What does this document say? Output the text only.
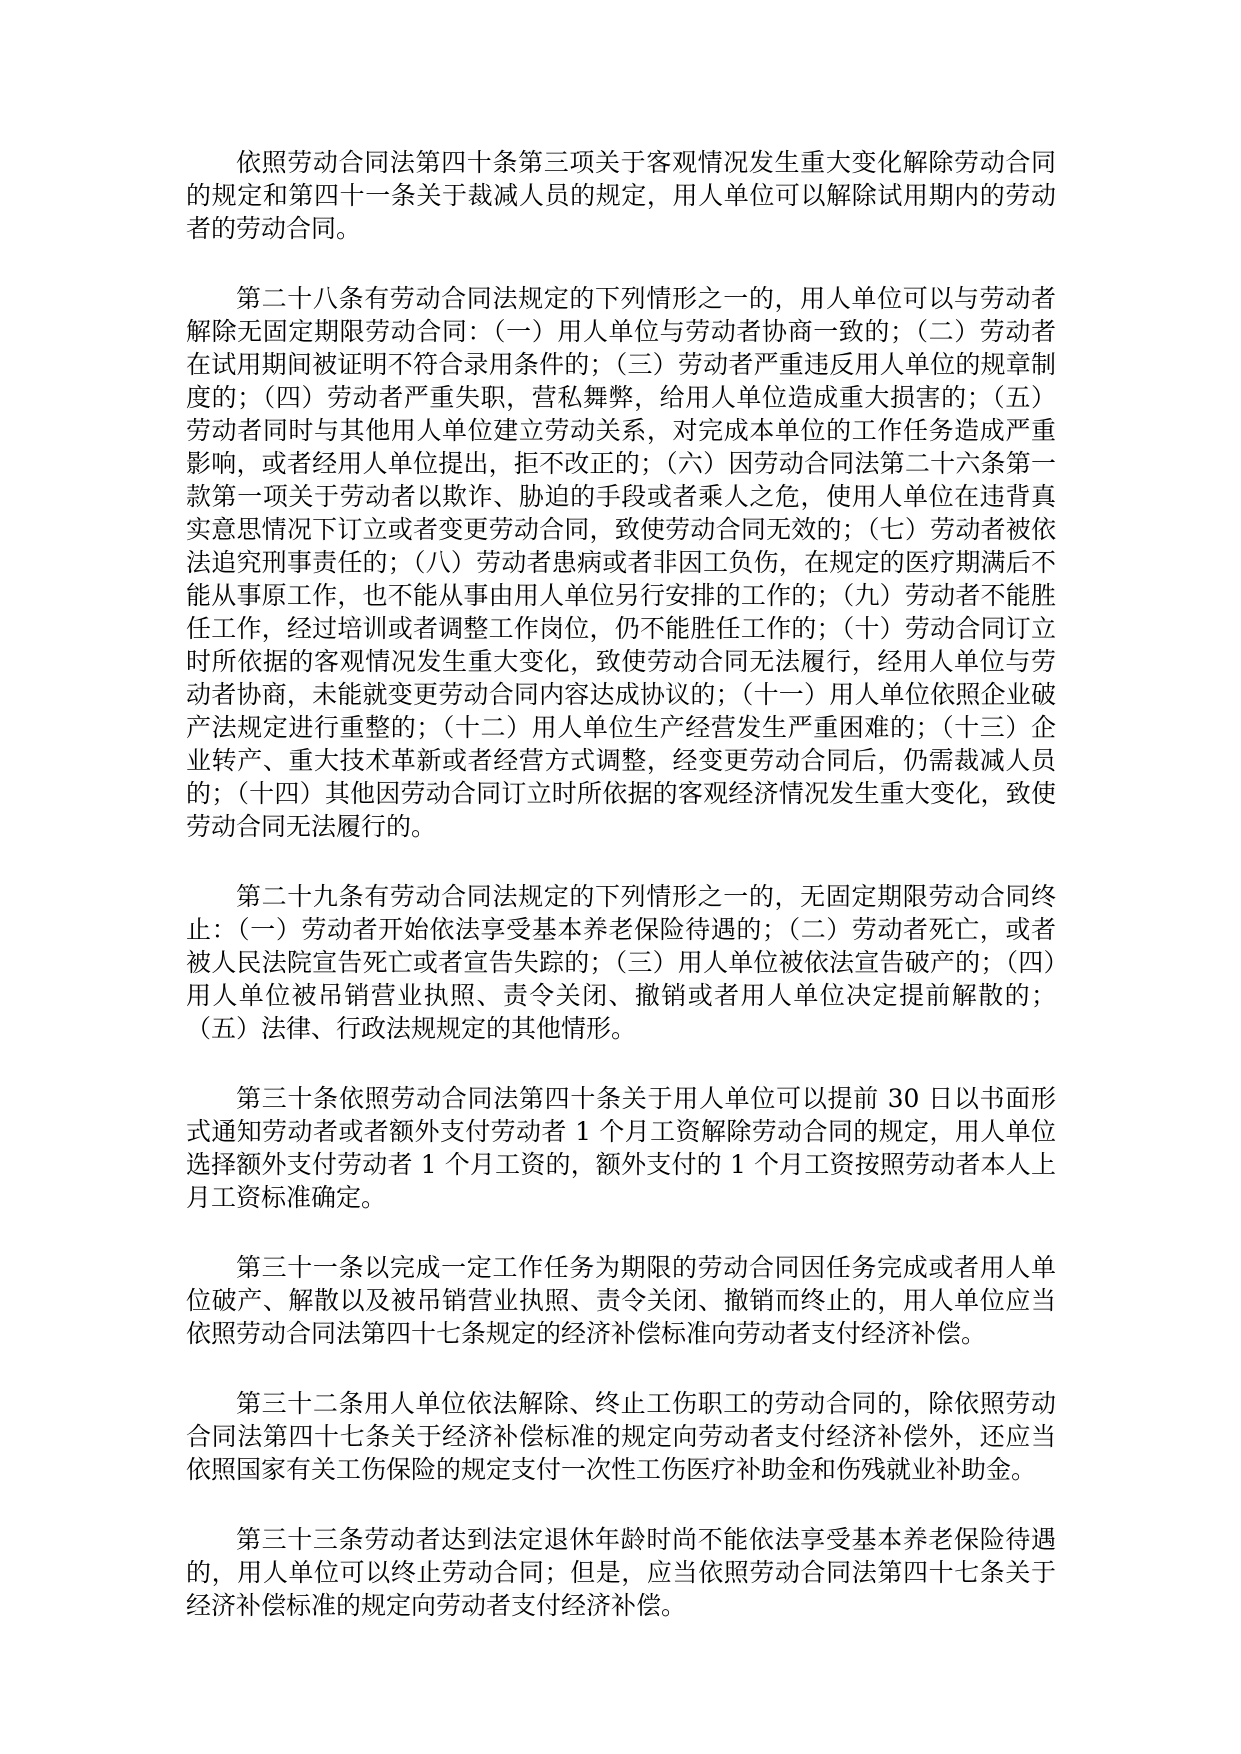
依照劳动合同法第四十条第三项关于客观情况发生重大变化解除劳动合同的规定和第四十一条关于裁减人员的规定，用人单位可以解除试用期内的劳动者的劳动合同。

第二十八条有劳动合同法规定的下列情形之一的，用人单位可以与劳动者解除无固定期限劳动合同：（一）用人单位与劳动者协商一致的；（二）劳动者在试用期间被证明不符合录用条件的；（三）劳动者严重违反用人单位的规章制度的；（四）劳动者严重失职，营私舞弊，给用人单位造成重大损害的；（五）劳动者同时与其他用人单位建立劳动关系，对完成本单位的工作任务造成严重影响，或者经用人单位提出，拒不改正的；（六）因劳动合同法第二十六条第一款第一项关于劳动者以欺诈、胁迫的手段或者乘人之危，使用人单位在违背真实意思情况下订立或者变更劳动合同，致使劳动合同无效的；（七）劳动者被依法追究刑事责任的；（八）劳动者患病或者非因工负伤，在规定的医疗期满后不能从事原工作，也不能从事由用人单位另行安排的工作的；（九）劳动者不能胜任工作，经过培训或者调整工作岗位，仍不能胜任工作的；（十）劳动合同订立时所依据的客观情况发生重大变化，致使劳动合同无法履行，经用人单位与劳动者协商，未能就变更劳动合同内容达成协议的；（十一）用人单位依照企业破产法规定进行重整的；（十二）用人单位生产经营发生严重困难的；（十三）企业转产、重大技术革新或者经营方式调整，经变更劳动合同后，仍需裁减人员的；（十四）其他因劳动合同订立时所依据的客观经济情况发生重大变化，致使劳动合同无法履行的。

第二十九条有劳动合同法规定的下列情形之一的，无固定期限劳动合同终止：（一）劳动者开始依法享受基本养老保险待遇的；（二）劳动者死亡，或者被人民法院宣告死亡或者宣告失踪的；（三）用人单位被依法宣告破产的；（四）用人单位被吊销营业执照、责令关闭、撤销或者用人单位决定提前解散的；（五）法律、行政法规规定的其他情形。

第三十条依照劳动合同法第四十条关于用人单位可以提前 30 日以书面形式通知劳动者或者额外支付劳动者 1 个月工资解除劳动合同的规定，用人单位选择额外支付劳动者 1 个月工资的，额外支付的 1 个月工资按照劳动者本人上月工资标准确定。

第三十一条以完成一定工作任务为期限的劳动合同因任务完成或者用人单位破产、解散以及被吊销营业执照、责令关闭、撤销而终止的，用人单位应当依照劳动合同法第四十七条规定的经济补偿标准向劳动者支付经济补偿。

第三十二条用人单位依法解除、终止工伤职工的劳动合同的，除依照劳动合同法第四十七条关于经济补偿标准的规定向劳动者支付经济补偿外，还应当依照国家有关工伤保险的规定支付一次性工伤医疗补助金和伤残就业补助金。

第三十三条劳动者达到法定退休年龄时尚不能依法享受基本养老保险待遇的，用人单位可以终止劳动合同；但是，应当依照劳动合同法第四十七条关于经济补偿标准的规定向劳动者支付经济补偿。
